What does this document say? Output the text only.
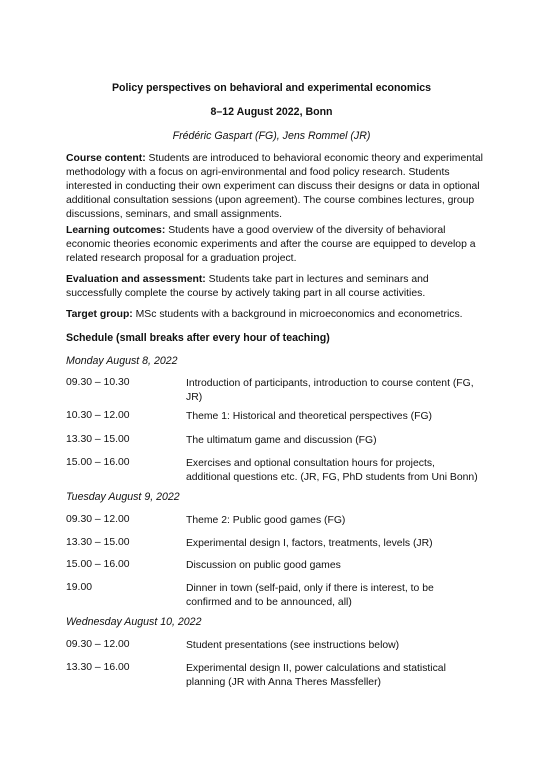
Policy perspectives on behavioral and experimental economics
8–12 August 2022, Bonn
Frédéric Gaspart (FG), Jens Rommel (JR)
Course content: Students are introduced to behavioral economic theory and experimental methodology with a focus on agri-environmental and food policy research. Students interested in conducting their own experiment can discuss their designs or data in optional additional consultation sessions (upon agreement). The course combines lectures, group discussions, seminars, and small assignments.
Learning outcomes: Students have a good overview of the diversity of behavioral economic theories economic experiments and after the course are equipped to develop a related research proposal for a graduation project.
Evaluation and assessment: Students take part in lectures and seminars and successfully complete the course by actively taking part in all course activities.
Target group: MSc students with a background in microeconomics and econometrics.
Schedule (small breaks after every hour of teaching)
Monday August 8, 2022
09.30 – 10.30	Introduction of participants, introduction to course content (FG, JR)
10.30 – 12.00	Theme 1: Historical and theoretical perspectives (FG)
13.30 – 15.00	The ultimatum game and discussion (FG)
15.00 – 16.00	Exercises and optional consultation hours for projects, additional questions etc. (JR, FG, PhD students from Uni Bonn)
Tuesday August 9, 2022
09.30 – 12.00	Theme 2: Public good games (FG)
13.30 – 15.00	Experimental design I, factors, treatments, levels (JR)
15.00 – 16.00	Discussion on public good games
19.00	Dinner in town (self-paid, only if there is interest, to be confirmed and to be announced, all)
Wednesday August 10, 2022
09.30 – 12.00	Student presentations (see instructions below)
13.30 – 16.00	Experimental design II, power calculations and statistical planning (JR with Anna Theres Massfeller)
